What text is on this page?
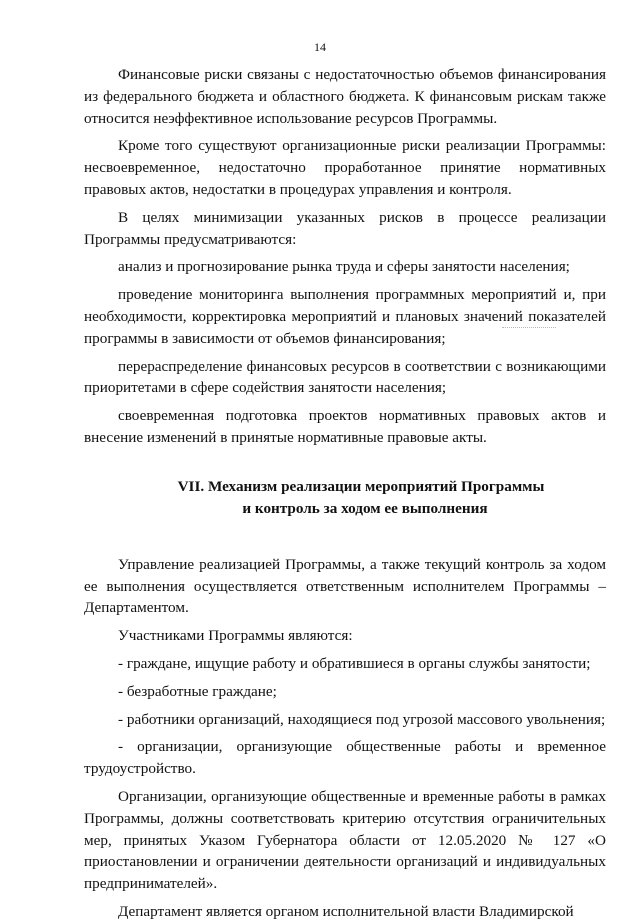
14

Финансовые риски связаны с недостаточностью объемов финансирования из федерального бюджета и областного бюджета. К финансовым рискам также относится неэффективное использование ресурсов Программы.

Кроме того существуют организационные риски реализации Программы: несвоевременное, недостаточно проработанное принятие нормативных правовых актов, недостатки в процедурах управления и контроля.

В целях минимизации указанных рисков в процессе реализации Программы предусматриваются:

анализ и прогнозирование рынка труда и сферы занятости населения;

проведение мониторинга выполнения программных мероприятий и, при необходимости, корректировка мероприятий и плановых значений показателей программы в зависимости от объемов финансирования;

перераспределение финансовых ресурсов в соответствии с возникающими приоритетами в сфере содействия занятости населения;

своевременная подготовка проектов нормативных правовых актов и внесение изменений в принятые нормативные правовые акты.

VII. Механизм реализации мероприятий Программы
и контроль за ходом ее выполнения

Управление реализацией Программы, а также текущий контроль за ходом ее выполнения осуществляется ответственным исполнителем Программы – Департаментом.

Участниками Программы являются:

- граждане, ищущие работу и обратившиеся в органы службы занятости;

- безработные граждане;

- работники организаций, находящиеся под угрозой массового увольнения;

- организации, организующие общественные работы и временное трудоустройство.

Организации, организующие общественные и временные работы в рамках Программы, должны соответствовать критерию отсутствия ограничительных мер, принятых Указом Губернатора области от 12.05.2020 № 127 «О приостановлении и ограничении деятельности организаций и индивидуальных предпринимателей».

Департамент является органом исполнительной власти Владимирской
